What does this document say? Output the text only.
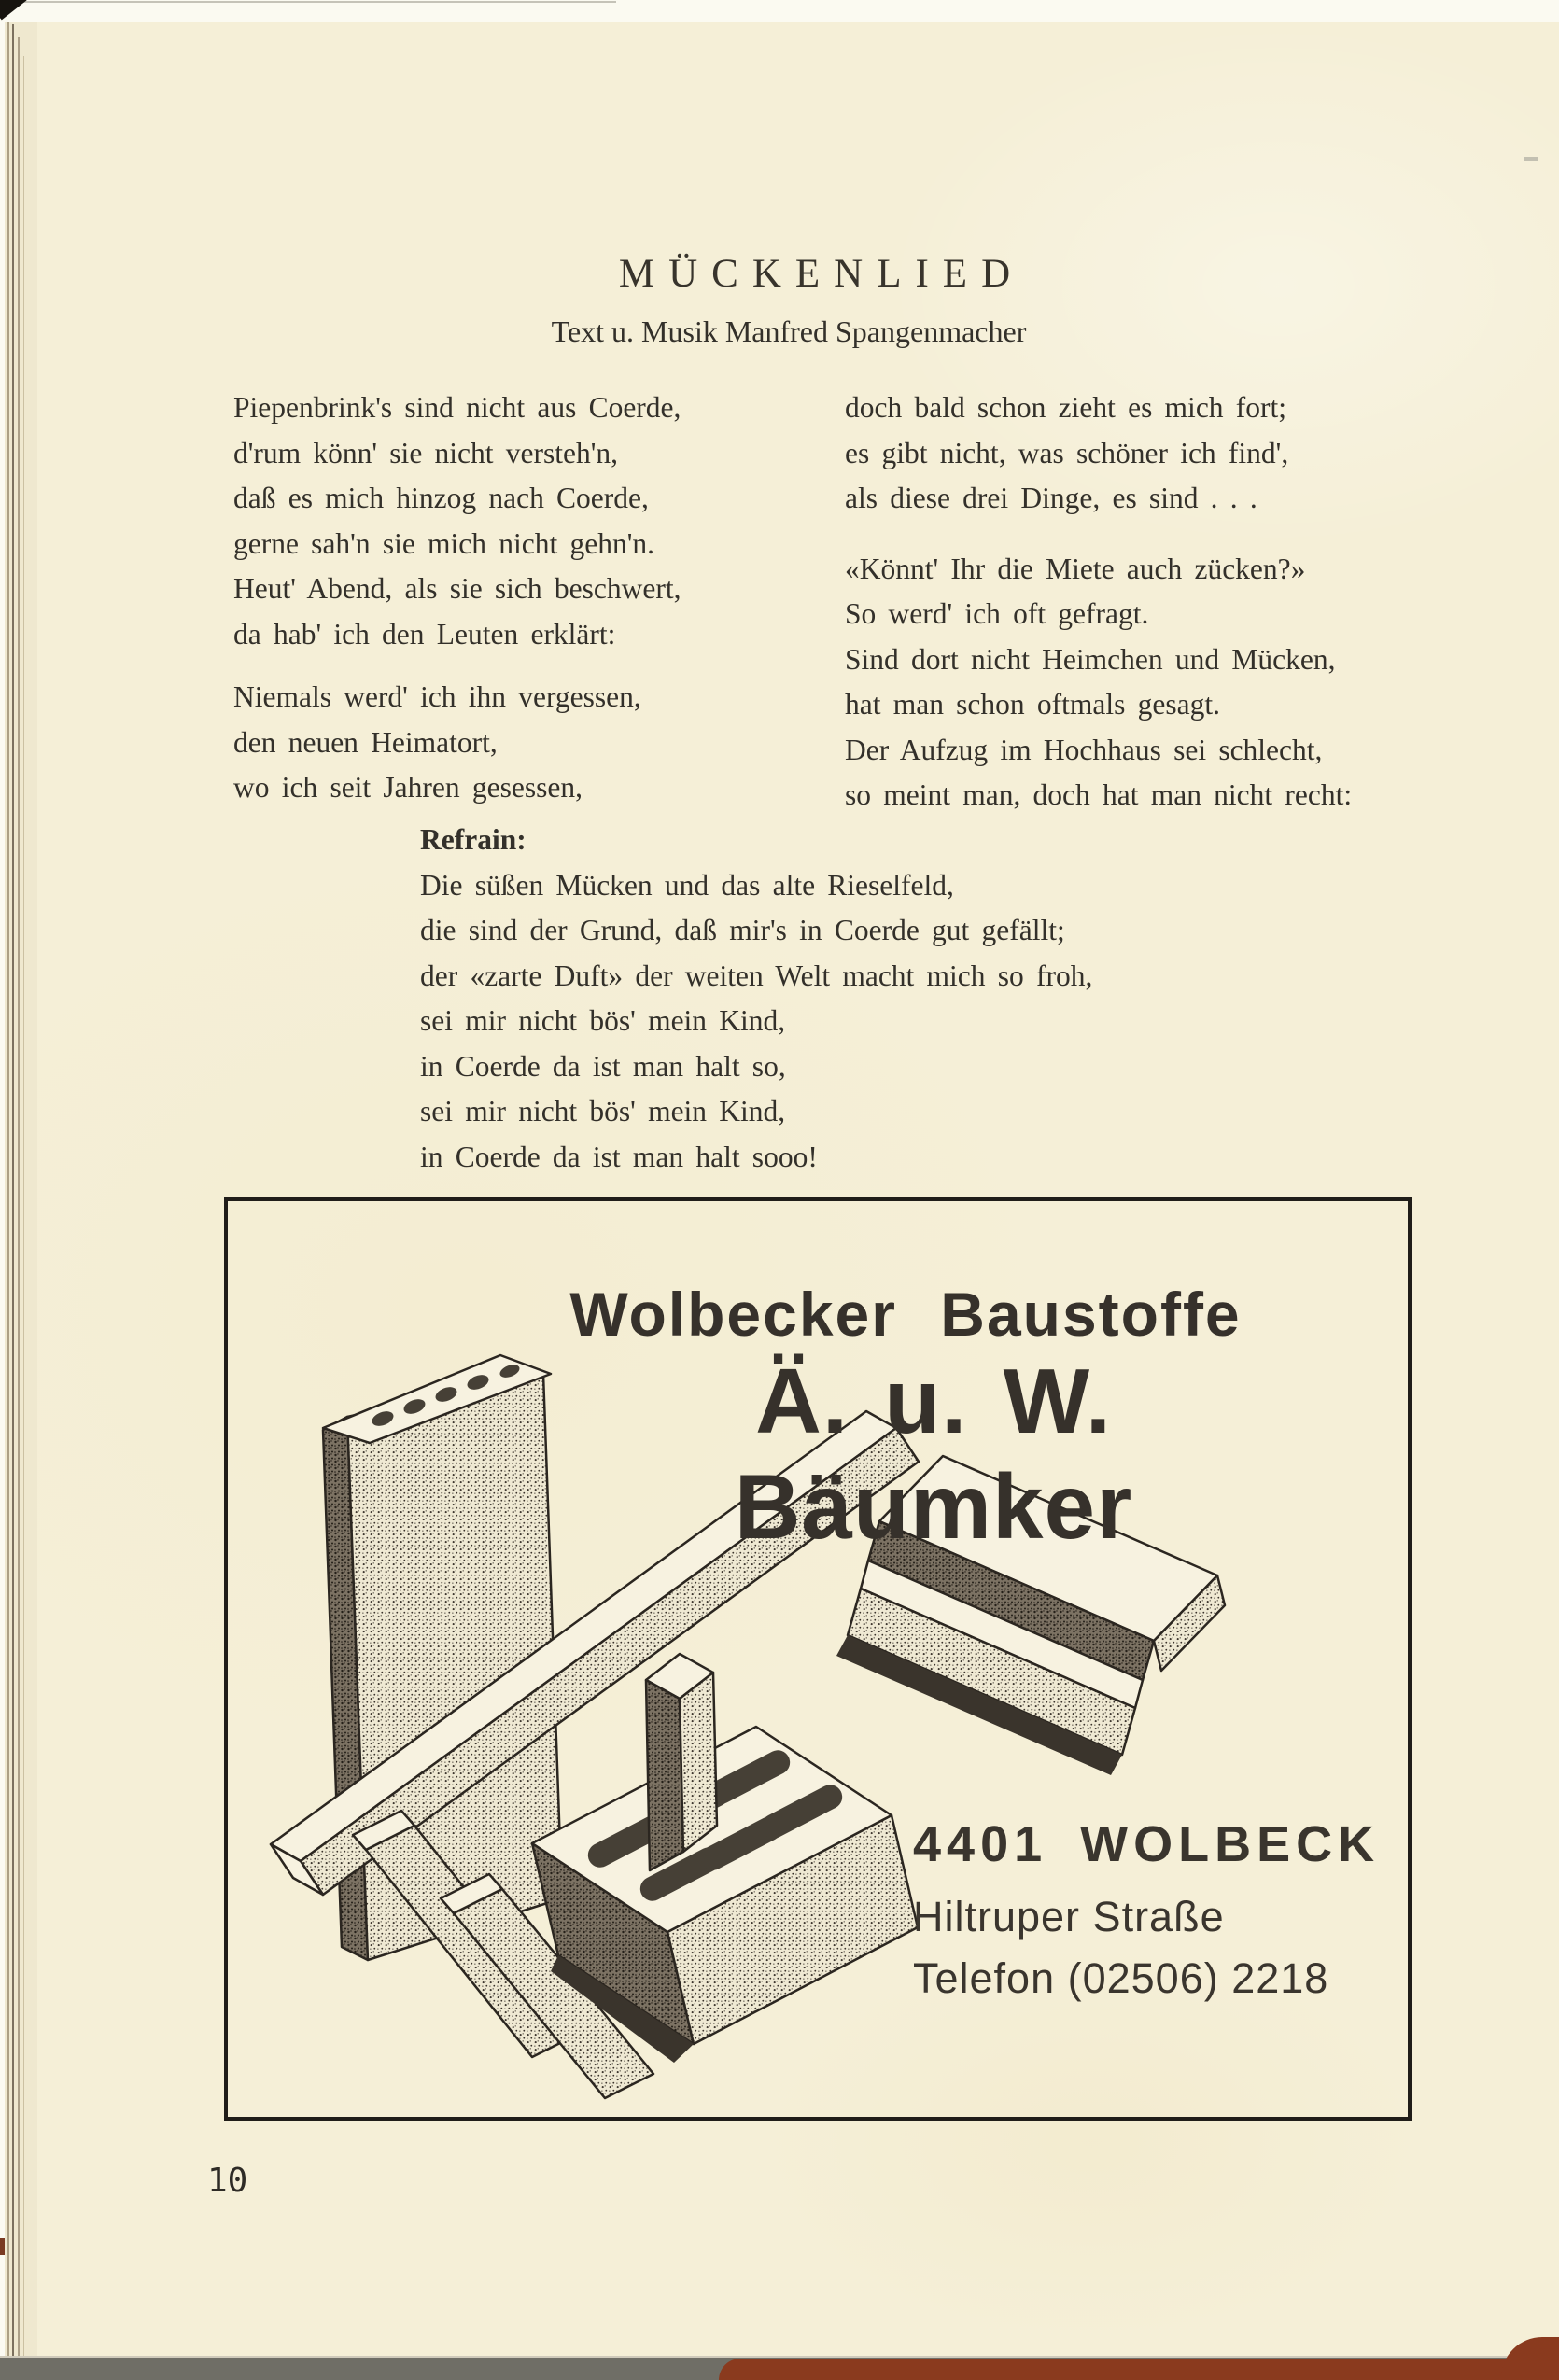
MÜCKENLIED
Text u. Musik Manfred Spangenmacher
Piepenbrink's sind nicht aus Coerde,
d'rum könn' sie nicht versteh'n,
daß es mich hinzog nach Coerde,
gerne sah'n sie mich nicht gehn'n.
Heut' Abend, als sie sich beschwert,
da hab' ich den Leuten erklärt:
Niemals werd' ich ihn vergessen,
den neuen Heimatort,
wo ich seit Jahren gesessen,
doch bald schon zieht es mich fort;
es gibt nicht, was schöner ich find',
als diese drei Dinge, es sind . . .
«Könnt' Ihr die Miete auch zücken?»
So werd' ich oft gefragt.
Sind dort nicht Heimchen und Mücken,
hat man schon oftmals gesagt.
Der Aufzug im Hochhaus sei schlecht,
so meint man, doch hat man nicht recht:
Refrain:
Die süßen Mücken und das alte Rieselfeld,
die sind der Grund, daß mir's in Coerde gut gefällt;
der «zarte Duft» der weiten Welt macht mich so froh,
sei mir nicht bös' mein Kind,
in Coerde da ist man halt so,
sei mir nicht bös' mein Kind,
in Coerde da ist man halt sooo!
Wolbecker Baustoffe
Ä. u. W. Bäumker
4401 WOLBECK
Hiltruper Straße
Telefon (02506) 2218
10
